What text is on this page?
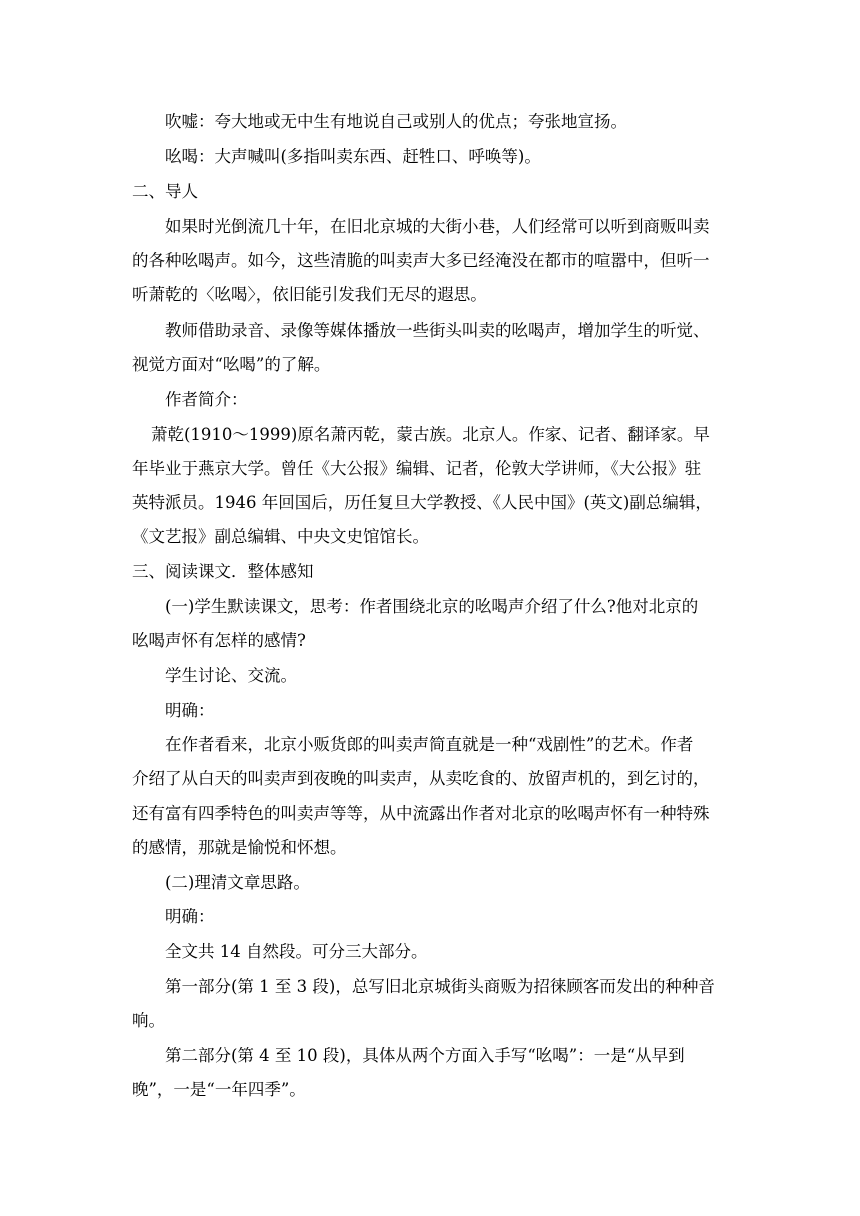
吹嘘：夸大地或无中生有地说自己或别人的优点；夸张地宣扬。
吆喝：大声喊叫(多指叫卖东西、赶牲口、呼唤等)。
二、导人
如果时光倒流几十年，在旧北京城的大街小巷，人们经常可以听到商贩叫卖
的各种吆喝声。如今，这些清脆的叫卖声大多已经淹没在都市的喧嚣中，但听一
听萧乾的〈吆喝〉，依旧能引发我们无尽的遐思。
教师借助录音、录像等媒体播放一些街头叫卖的吆喝声，增加学生的听觉、
视觉方面对“吆喝”的了解。
作者简介：
萧乾(1910～1999)原名萧丙乾，蒙古族。北京人。作家、记者、翻译家。早
年毕业于燕京大学。曾任《大公报》编辑、记者，伦敦大学讲师，《大公报》驻
英特派员。1946 年回国后，历任复旦大学教授、《人民中国》(英文)副总编辑，
《文艺报》副总编辑、中央文史馆馆长。
三、阅读课文．整体感知
(一)学生默读课文，思考：作者围绕北京的吆喝声介绍了什么?他对北京的
吆喝声怀有怎样的感情?
学生讨论、交流。
明确：
在作者看来，北京小贩货郎的叫卖声简直就是一种“戏剧性”的艺术。作者
介绍了从白天的叫卖声到夜晚的叫卖声，从卖吃食的、放留声机的，到乞讨的，
还有富有四季特色的叫卖声等等，从中流露出作者对北京的吆喝声怀有一种特殊
的感情，那就是愉悦和怀想。
(二)理清文章思路。
明确：
全文共 14 自然段。可分三大部分。
第一部分(第 1 至 3 段)，总写旧北京城街头商贩为招徕顾客而发出的种种音
响。
第二部分(第 4 至 10 段)，具体从两个方面入手写“吆喝”：一是“从早到
晚”，一是“一年四季”。
